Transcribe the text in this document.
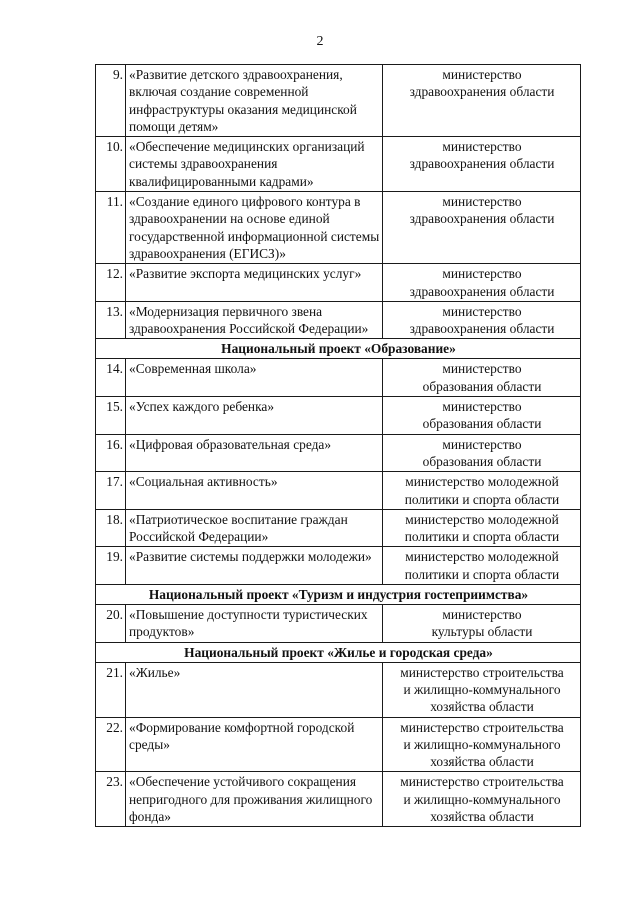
2
9.	«Развитие детского здравоохранения, включая создание современной инфраструктуры оказания медицинской помощи детям»	министерство
здравоохранения области
10.	«Обеспечение медицинских организаций системы здравоохранения квалифицированными кадрами»	министерство
здравоохранения области
11.	«Создание единого цифрового контура в здравоохранении на основе единой государственной информационной системы здравоохранения (ЕГИСЗ)»	министерство
здравоохранения области
12.	«Развитие экспорта медицинских услуг»	министерство
здравоохранения области
13.	«Модернизация первичного звена здравоохранения Российской Федерации»	министерство
здравоохранения области
Национальный проект «Образование»		
14.	«Современная школа»	министерство
образования области
15.	«Успех каждого ребенка»	министерство
образования области
16.	«Цифровая образовательная среда»	министерство
образования области
17.	«Социальная активность»	министерство молодежной
политики и спорта области
18.	«Патриотическое воспитание граждан Российской Федерации»	министерство молодежной
политики и спорта области
19.	«Развитие системы поддержки молодежи»	министерство молодежной
политики и спорта области
Национальный проект «Туризм и индустрия гостеприимства»		
20.	«Повышение доступности туристических продуктов»	министерство
культуры области
Национальный проект «Жилье и городская среда»		
21.	«Жилье»	министерство строительства
и жилищно-коммунального
хозяйства области
22.	«Формирование комфортной городской среды»	министерство строительства
и жилищно-коммунального
хозяйства области
23.	«Обеспечение устойчивого сокращения непригодного для проживания жилищного фонда»	министерство строительства
и жилищно-коммунального
хозяйства области
